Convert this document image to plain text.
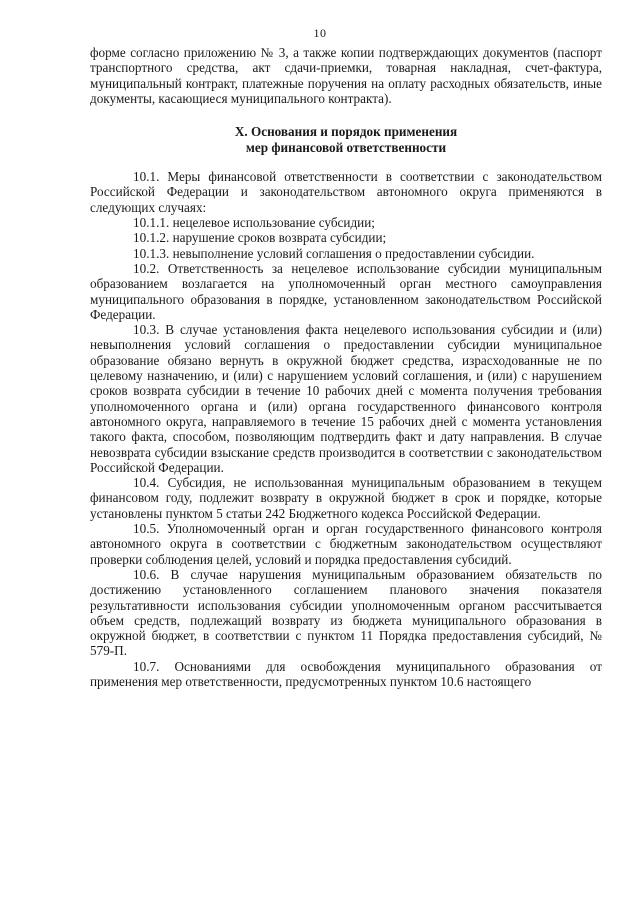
10

форме согласно приложению № 3, а также копии подтверждающих документов (паспорт транспортного средства, акт сдачи-приемки, товарная накладная, счет-фактура, муниципальный контракт, платежные поручения на оплату расходных обязательств, иные документы, касающиеся муниципального контракта).

X. Основания и порядок применения
мер финансовой ответственности

10.1. Меры финансовой ответственности в соответствии с законодательством Российской Федерации и законодательством автономного округа применяются в следующих случаях:

10.1.1. нецелевое использование субсидии;

10.1.2. нарушение сроков возврата субсидии;

10.1.3. невыполнение условий соглашения о предоставлении субсидии.

10.2. Ответственность за нецелевое использование субсидии муниципальным образованием возлагается на уполномоченный орган местного самоуправления муниципального образования в порядке, установленном законодательством Российской Федерации.

10.3. В случае установления факта нецелевого использования субсидии и (или) невыполнения условий соглашения о предоставлении субсидии муниципальное образование обязано вернуть в окружной бюджет средства, израсходованные не по целевому назначению, и (или) с нарушением условий соглашения, и (или) с нарушением сроков возврата субсидии в течение 10 рабочих дней с момента получения требования уполномоченного органа и (или) органа государственного финансового контроля автономного округа, направляемого в течение 15 рабочих дней с момента установления такого факта, способом, позволяющим подтвердить факт и дату направления. В случае невозврата субсидии взыскание средств производится в соответствии с законодательством Российской Федерации.

10.4. Субсидия, не использованная муниципальным образованием в текущем финансовом году, подлежит возврату в окружной бюджет в срок и порядке, которые установлены пунктом 5 статьи 242 Бюджетного кодекса Российской Федерации.

10.5. Уполномоченный орган и орган государственного финансового контроля автономного округа в соответствии с бюджетным законодательством осуществляют проверки соблюдения целей, условий и порядка предоставления субсидий.

10.6. В случае нарушения муниципальным образованием обязательств по достижению установленного соглашением планового значения показателя результативности использования субсидии уполномоченным органом рассчитывается объем средств, подлежащий возврату из бюджета муниципального образования в окружной бюджет, в соответствии с пунктом 11 Порядка предоставления субсидий, № 579-П.

10.7. Основаниями для освобождения муниципального образования от применения мер ответственности, предусмотренных пунктом 10.6 настоящего
